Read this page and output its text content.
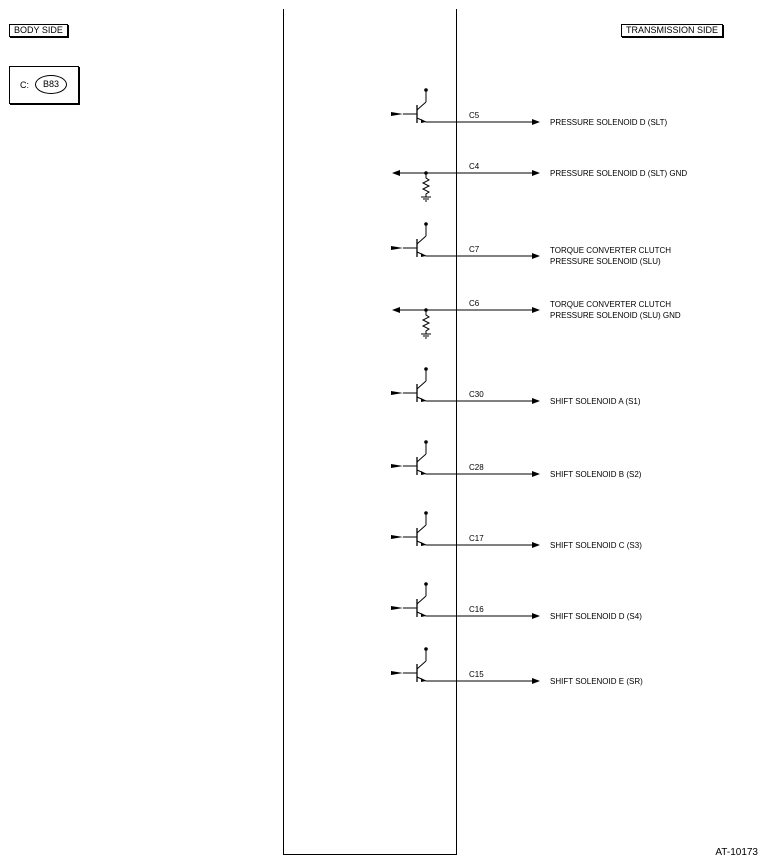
BODY SIDE	TRANSMISSION SIDE
C:	B83
C5
PRESSURE SOLENOID D (SLT)
C4
PRESSURE SOLENOID D (SLT) GND
C7	TORQUE CONVERTER CLUTCH
PRESSURE SOLENOID (SLU)
C6	TORQUE CONVERTER CLUTCH
PRESSURE SOLENOID (SLU) GND
C30
SHIFT SOLENOID A (S1)
C28
SHIFT SOLENOID B (S2)
C17
SHIFT SOLENOID C (S3)
C16
SHIFT SOLENOID D (S4)
C15
SHIFT SOLENOID E (SR)
AT-10173
